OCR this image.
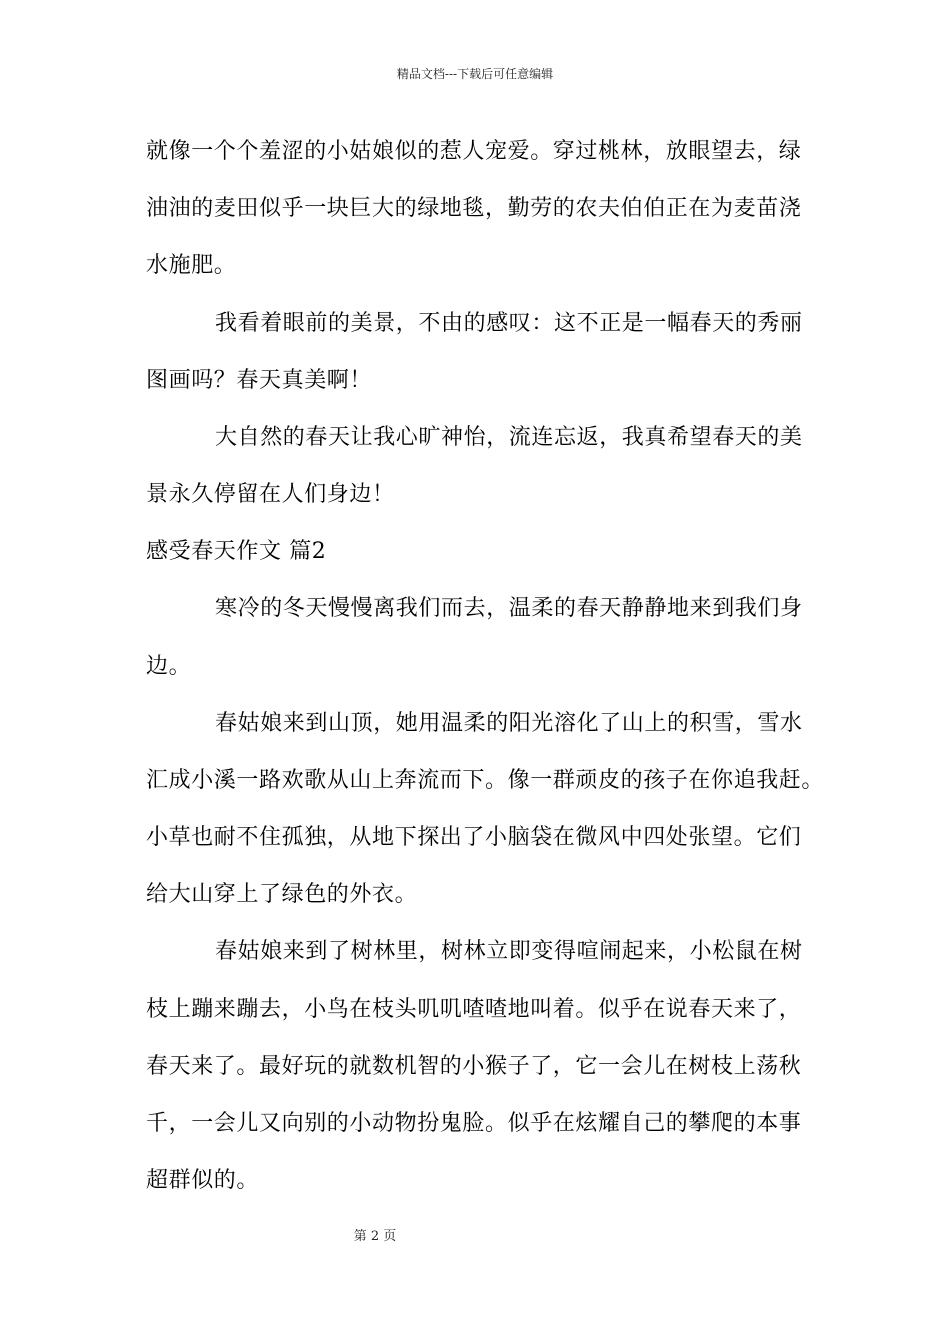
精品文档---下载后可任意编辑
就像一个个羞涩的小姑娘似的惹人宠爱。穿过桃林，放眼望去，绿
油油的麦田似乎一块巨大的绿地毯，勤劳的农夫伯伯正在为麦苗浇
水施肥。
我看着眼前的美景，不由的感叹：这不正是一幅春天的秀丽
图画吗？春天真美啊！
大自然的春天让我心旷神怡，流连忘返，我真希望春天的美
景永久停留在人们身边！
感受春天作文 篇2
寒冷的冬天慢慢离我们而去，温柔的春天静静地来到我们身
边。
春姑娘来到山顶，她用温柔的阳光溶化了山上的积雪，雪水
汇成小溪一路欢歌从山上奔流而下。像一群顽皮的孩子在你追我赶。
小草也耐不住孤独，从地下探出了小脑袋在微风中四处张望。它们
给大山穿上了绿色的外衣。
春姑娘来到了树林里，树林立即变得喧闹起来，小松鼠在树
枝上蹦来蹦去，小鸟在枝头叽叽喳喳地叫着。似乎在说春天来了，
春天来了。最好玩的就数机智的小猴子了，它一会儿在树枝上荡秋
千，一会儿又向别的小动物扮鬼脸。似乎在炫耀自己的攀爬的本事
超群似的。
第 2 页
